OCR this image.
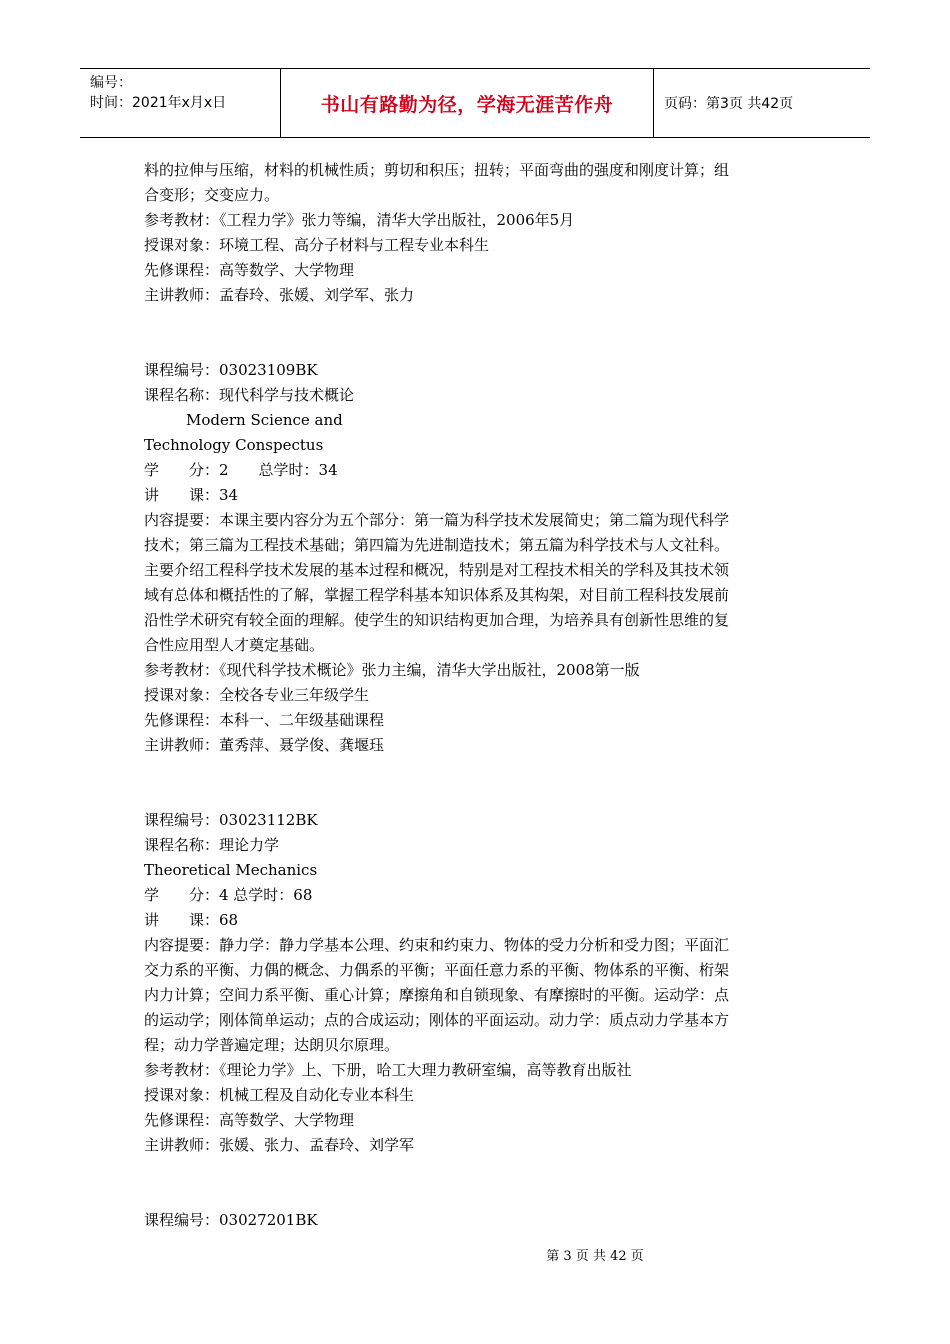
编号：
时间：2021年x月x日	书山有路勤为径，学海无涯苦作舟	页码：第3页 共42页

料的拉伸与压缩，材料的机械性质；剪切和积压；扭转；平面弯曲的强度和刚度计算；组

合变形；交变应力。

参考教材：《工程力学》张力等编，清华大学出版社，2006年5月

授课对象：环境工程、高分子材料与工程专业本科生

先修课程：高等数学、大学物理

主讲教师：孟春玲、张媛、刘学军、张力

课程编号：03023109BK

课程名称：现代科学与技术概论

Modern Science and

Technology Conspectus

学　　分：2　　总学时：34

讲　　课：34

内容提要：本课主要内容分为五个部分：第一篇为科学技术发展简史；第二篇为现代科学

技术；第三篇为工程技术基础；第四篇为先进制造技术；第五篇为科学技术与人文社科。

主要介绍工程科学技术发展的基本过程和概况，特别是对工程技术相关的学科及其技术领

域有总体和概括性的了解，掌握工程学科基本知识体系及其构架，对目前工程科技发展前

沿性学术研究有较全面的理解。使学生的知识结构更加合理，为培养具有创新性思维的复

合性应用型人才奠定基础。

参考教材：《现代科学技术概论》张力主编，清华大学出版社，2008第一版

授课对象：全校各专业三年级学生

先修课程：本科一、二年级基础课程

主讲教师：董秀萍、聂学俊、龚堰珏

课程编号：03023112BK

课程名称：理论力学

Theoretical Mechanics

学　　分：4 总学时：68

讲　　课：68

内容提要：静力学：静力学基本公理、约束和约束力、物体的受力分析和受力图；平面汇

交力系的平衡、力偶的概念、力偶系的平衡；平面任意力系的平衡、物体系的平衡、桁架

内力计算；空间力系平衡、重心计算；摩擦角和自锁现象、有摩擦时的平衡。运动学：点

的运动学；刚体简单运动；点的合成运动；刚体的平面运动。动力学：质点动力学基本方

程；动力学普遍定理；达朗贝尔原理。

参考教材：《理论力学》上、下册，哈工大理力教研室编，高等教育出版社

授课对象：机械工程及自动化专业本科生

先修课程：高等数学、大学物理

主讲教师：张媛、张力、孟春玲、刘学军

课程编号：03027201BK

第 3 页 共 42 页
